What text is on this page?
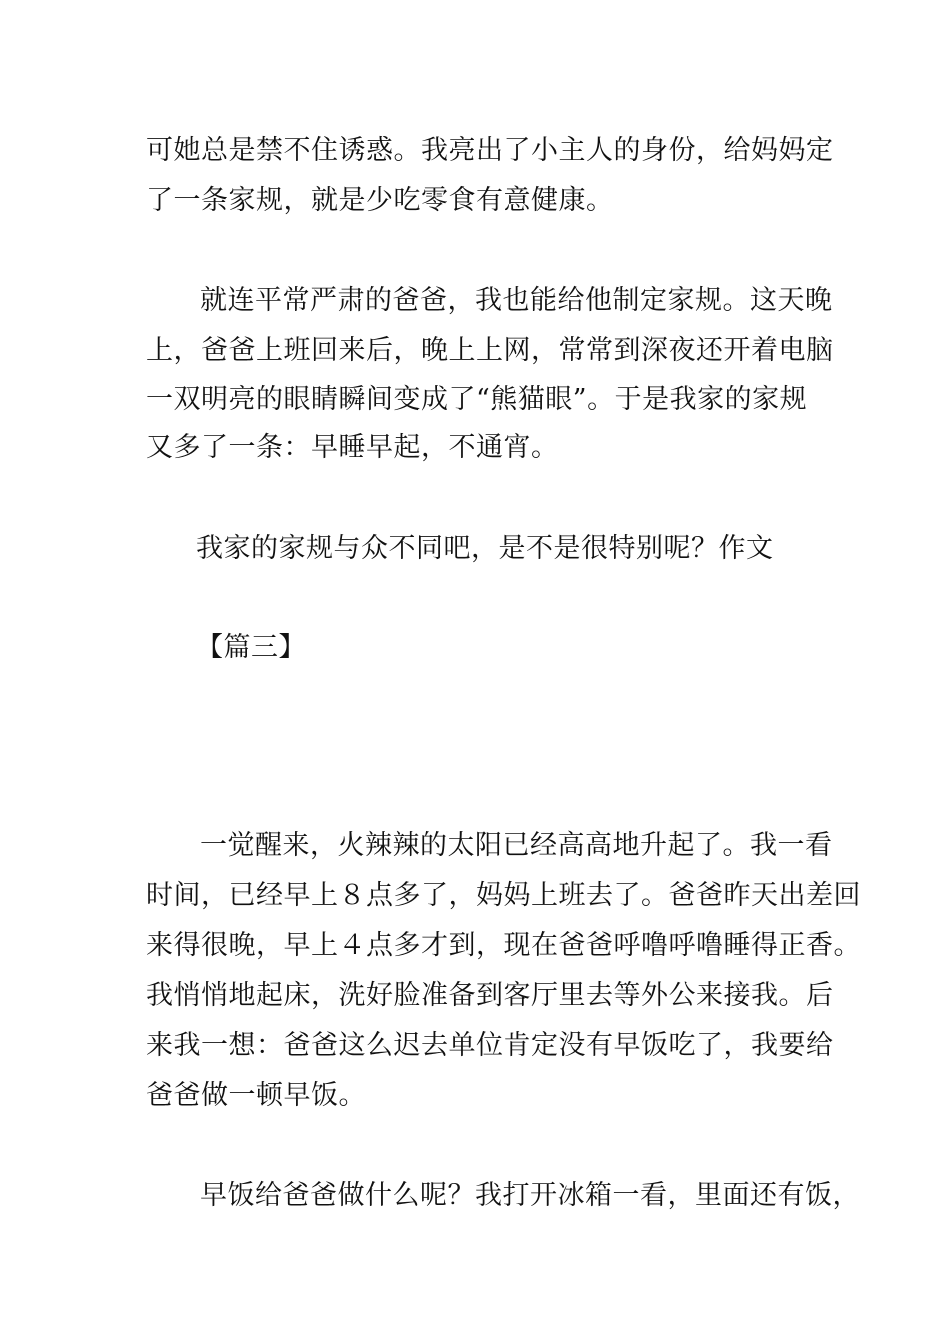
可她总是禁不住诱惑。我亮出了小主人的身份，给妈妈定
了一条家规，就是少吃零食有意健康。
就连平常严肃的爸爸，我也能给他制定家规。这天晚
上，爸爸上班回来后，晚上上网，常常到深夜还开着电脑
一双明亮的眼睛瞬间变成了“熊猫眼”。于是我家的家规
又多了一条：早睡早起，不通宵。
我家的家规与众不同吧，是不是很特别呢？作文
【篇三】
一觉醒来，火辣辣的太阳已经高高地升起了。我一看
时间，已经早上８点多了，妈妈上班去了。爸爸昨天出差回
来得很晚，早上４点多才到，现在爸爸呼噜呼噜睡得正香。
我悄悄地起床，洗好脸准备到客厅里去等外公来接我。后
来我一想：爸爸这么迟去单位肯定没有早饭吃了，我要给
爸爸做一顿早饭。
早饭给爸爸做什么呢？我打开冰箱一看，里面还有饭，
